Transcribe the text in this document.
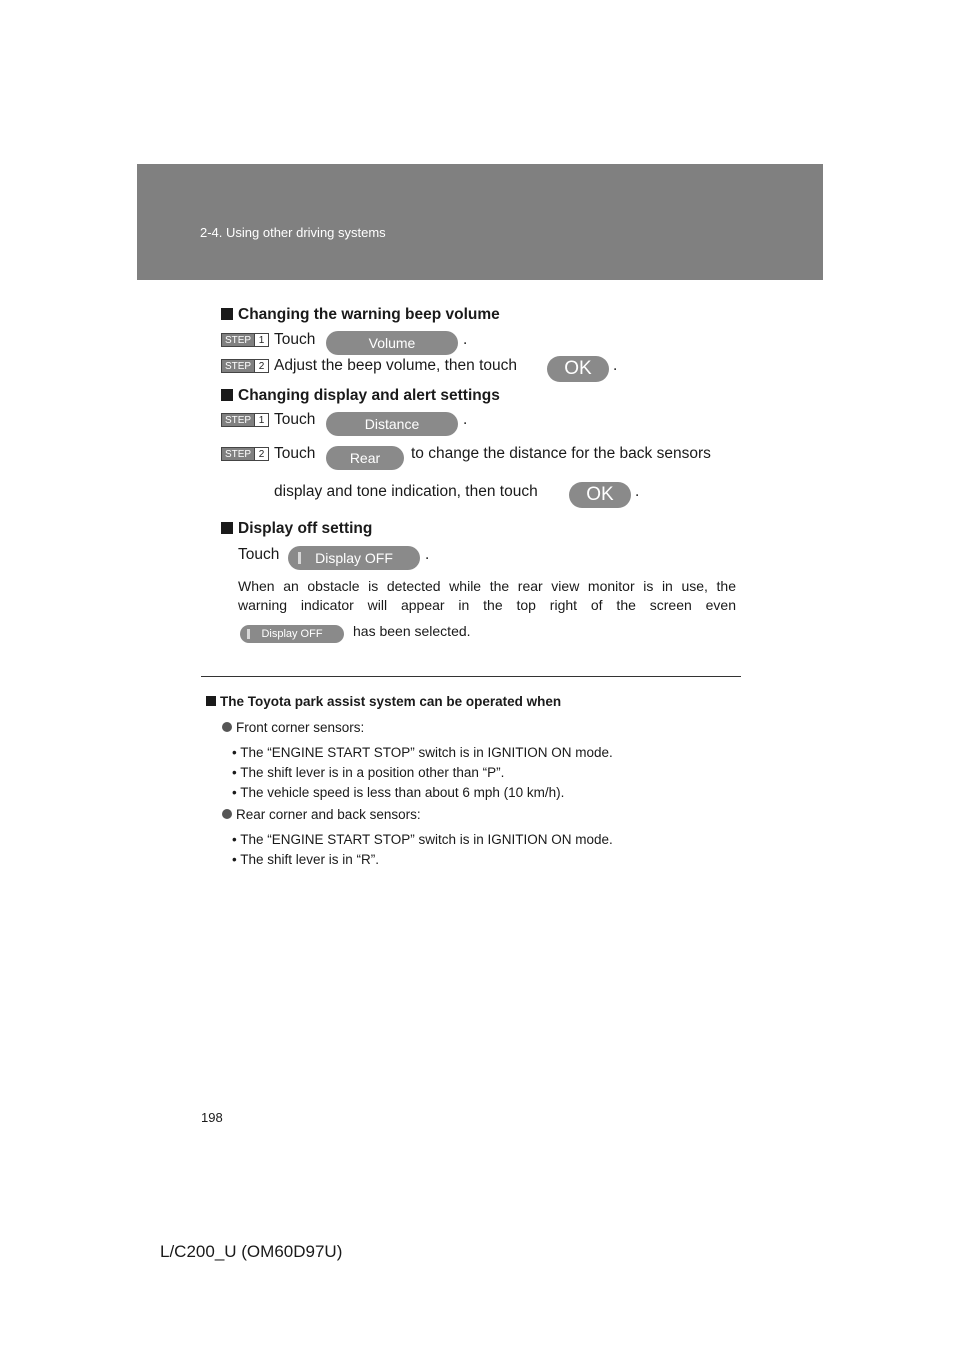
2-4. Using other driving systems
Changing the warning beep volume
STEP 1 Touch	Volume	.
STEP 2 Adjust the beep volume, then touch	OK	.
Changing display and alert settings
STEP 1 Touch	Distance	.
STEP 2 Touch	Rear	to change the distance for the back sensors
display and tone indication, then touch	OK	.
Display off setting
Touch	Display OFF	.
When an obstacle is detected while the rear view monitor is in use, the
warning indicator will appear in the top right of the screen even
Display OFF	has been selected.
The Toyota park assist system can be operated when
Front corner sensors:
• The “ENGINE START STOP” switch is in IGNITION ON mode.
• The shift lever is in a position other than “P”.
• The vehicle speed is less than about 6 mph (10 km/h).
Rear corner and back sensors:
• The “ENGINE START STOP” switch is in IGNITION ON mode.
• The shift lever is in “R”.
198
L/C200_U (OM60D97U)
